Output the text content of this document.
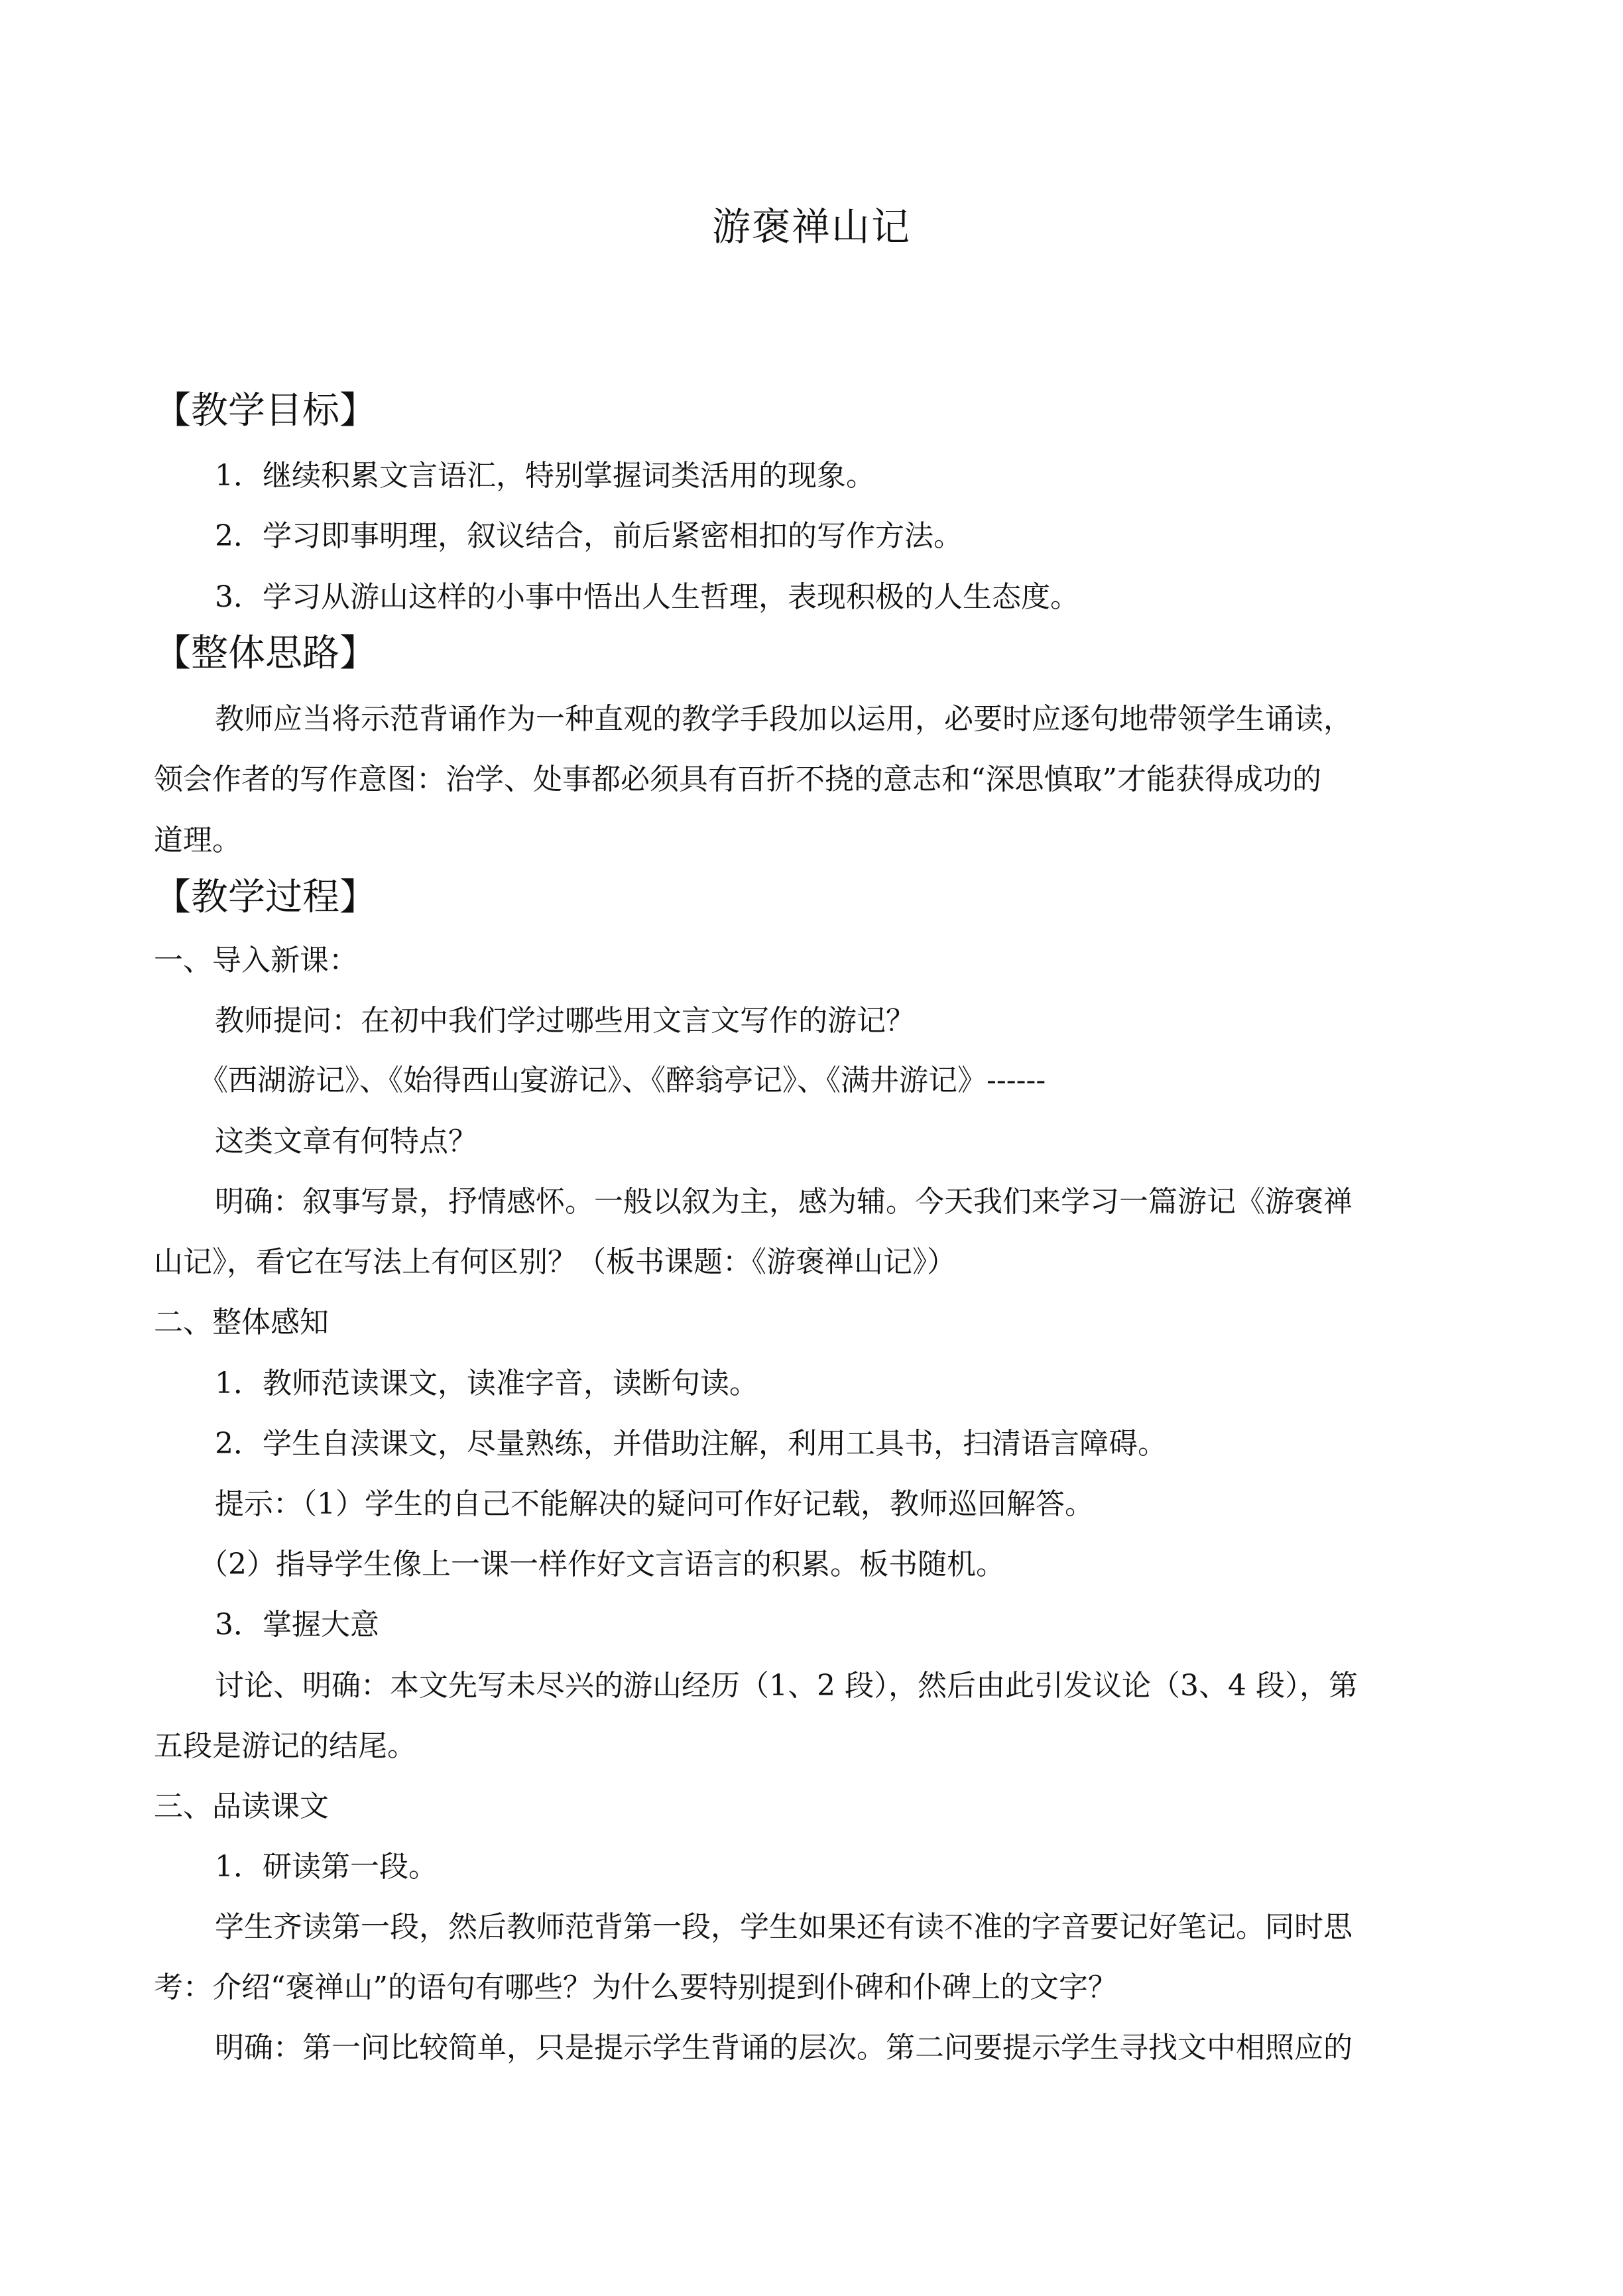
游褒禅山记
【教学目标】
1．继续积累文言语汇，特别掌握词类活用的现象。
2．学习即事明理，叙议结合，前后紧密相扣的写作方法。
3．学习从游山这样的小事中悟出人生哲理，表现积极的人生态度。
【整体思路】
教师应当将示范背诵作为一种直观的教学手段加以运用，必要时应逐句地带领学生诵读，
领会作者的写作意图：治学、处事都必须具有百折不挠的意志和“深思慎取”才能获得成功的
道理。
【教学过程】
一、导入新课：
教师提问：在初中我们学过哪些用文言文写作的游记？
《西湖游记》、《始得西山宴游记》、《醉翁亭记》、《满井游记》------
这类文章有何特点？
明确：叙事写景，抒情感怀。一般以叙为主，感为辅。今天我们来学习一篇游记《游褒禅
山记》，看它在写法上有何区别？（板书课题：《游褒禅山记》）
二、整体感知
1．教师范读课文，读准字音，读断句读。
2．学生自渎课文，尽量熟练，并借助注解，利用工具书，扫清语言障碍。
提示：（1）学生的自己不能解决的疑问可作好记载，教师巡回解答。
（2）指导学生像上一课一样作好文言语言的积累。板书随机。
3．掌握大意
讨论、明确：本文先写未尽兴的游山经历（1、2 段），然后由此引发议论（3、4 段），第
五段是游记的结尾。
三、品读课文
1．研读第一段。
学生齐读第一段，然后教师范背第一段，学生如果还有读不准的字音要记好笔记。同时思
考：介绍“褒禅山”的语句有哪些？为什么要特别提到仆碑和仆碑上的文字？
明确：第一问比较简单，只是提示学生背诵的层次。第二问要提示学生寻找文中相照应的
